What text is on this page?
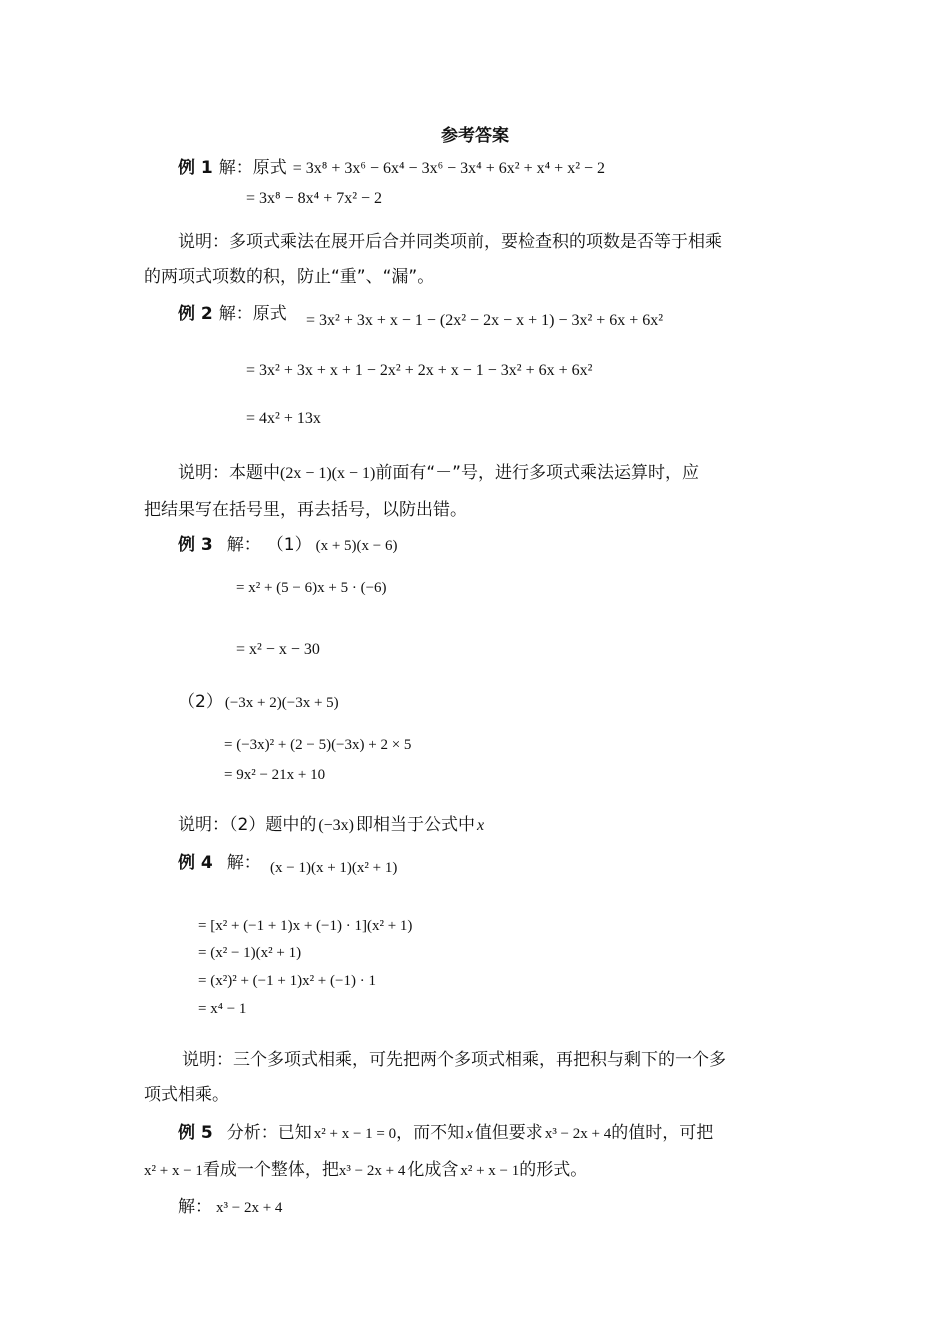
参考答案
例 1 解：原式 = 3x⁸ + 3x⁶ − 6x⁴ − 3x⁶ − 3x⁴ + 6x² + x⁴ + x² − 2
= 3x⁸ − 8x⁴ + 7x² − 2
说明：多项式乘法在展开后合并同类项前，要检查积的项数是否等于相乘
的两项式项数的积，防止“重”、“漏”。
例 2 解：原式 = 3x² + 3x + x − 1 − (2x² − 2x − x + 1) − 3x² + 6x + 6x²
= 3x² + 3x + x + 1 − 2x² + 2x + x − 1 − 3x² + 6x + 6x²
= 4x² + 13x
说明：本题中 (2x − 1)(x − 1) 前面有“－”号，进行多项式乘法运算时，应
把结果写在括号里，再去括号，以防出错。
例 3 解： （1） (x + 5)(x − 6)
= x² + (5 − 6)x + 5 · (−6)
= x² − x − 30
（2） (−3x + 2)(−3x + 5)
= (−3x)² + (2 − 5)(−3x) + 2 × 5
= 9x² − 21x + 10
说明：（2）题中的 (−3x) 即相当于公式中 x
例 4 解： (x − 1)(x + 1)(x² + 1)
= [x² + (−1 + 1)x + (−1) · 1](x² + 1)
= (x² − 1)(x² + 1)
= (x²)² + (−1 + 1)x² + (−1) · 1
= x⁴ − 1
说明：三个多项式相乘，可先把两个多项式相乘，再把积与剩下的一个多
项式相乘。
例 5 分析：已知 x² + x − 1 = 0 ，而不知 x 值但要求 x³ − 2x + 4 的值时，可把
x² + x − 1 看成一个整体，把 x³ − 2x + 4 化成含 x² + x − 1 的形式。
解： x³ − 2x + 4
